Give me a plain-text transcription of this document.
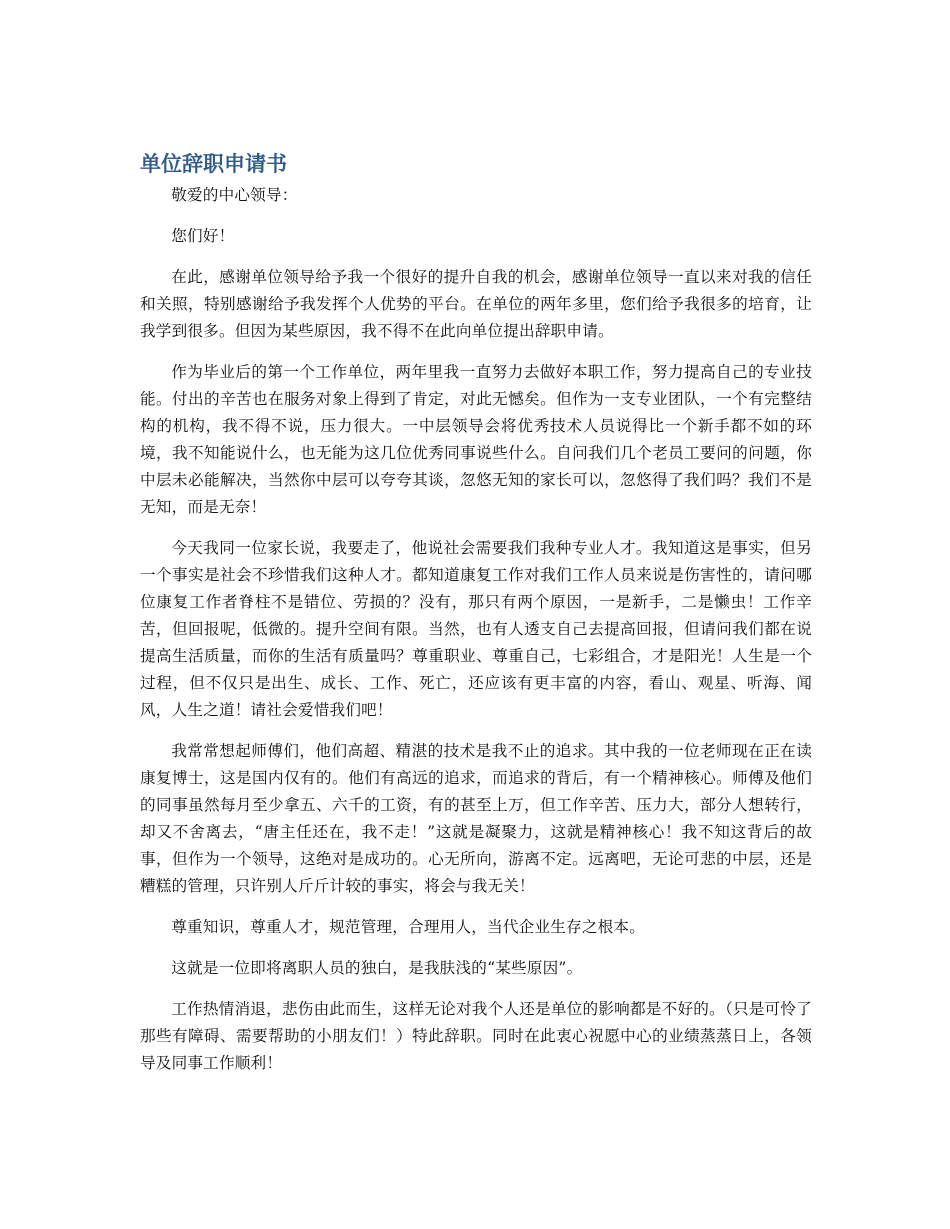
单位辞职申请书

敬爱的中心领导：

您们好！

在此，感谢单位领导给予我一个很好的提升自我的机会，感谢单位领导一直以来对我的信任和关照，特别感谢给予我发挥个人优势的平台。在单位的两年多里，您们给予我很多的培育，让我学到很多。但因为某些原因，我不得不在此向单位提出辞职申请。

作为毕业后的第一个工作单位，两年里我一直努力去做好本职工作，努力提高自己的专业技能。付出的辛苦也在服务对象上得到了肯定，对此无憾矣。但作为一支专业团队，一个有完整结构的机构，我不得不说，压力很大。一中层领导会将优秀技术人员说得比一个新手都不如的环境，我不知能说什么，也无能为这几位优秀同事说些什么。自问我们几个老员工要问的问题，你中层未必能解决，当然你中层可以夸夸其谈，忽悠无知的家长可以，忽悠得了我们吗？我们不是无知，而是无奈！

今天我同一位家长说，我要走了，他说社会需要我们我种专业人才。我知道这是事实，但另一个事实是社会不珍惜我们这种人才。都知道康复工作对我们工作人员来说是伤害性的，请问哪位康复工作者脊柱不是错位、劳损的？没有，那只有两个原因，一是新手，二是懒虫！工作辛苦，但回报呢，低微的。提升空间有限。当然，也有人透支自己去提高回报，但请问我们都在说提高生活质量，而你的生活有质量吗？尊重职业、尊重自己，七彩组合，才是阳光！人生是一个过程，但不仅只是出生、成长、工作、死亡，还应该有更丰富的内容，看山、观星、听海、闻风，人生之道！请社会爱惜我们吧！

我常常想起师傅们，他们高超、精湛的技术是我不止的追求。其中我的一位老师现在正在读康复博士，这是国内仅有的。他们有高远的追求，而追求的背后，有一个精神核心。师傅及他们的同事虽然每月至少拿五、六千的工资，有的甚至上万，但工作辛苦、压力大，部分人想转行，却又不舍离去，“唐主任还在，我不走！”这就是凝聚力，这就是精神核心！我不知这背后的故事，但作为一个领导，这绝对是成功的。心无所向，游离不定。远离吧，无论可悲的中层，还是糟糕的管理，只许别人斤斤计较的事实，将会与我无关！

尊重知识，尊重人才，规范管理，合理用人，当代企业生存之根本。

这就是一位即将离职人员的独白，是我肤浅的“某些原因”。

工作热情消退，悲伤由此而生，这样无论对我个人还是单位的影响都是不好的。（只是可怜了那些有障碍、需要帮助的小朋友们！）特此辞职。同时在此衷心祝愿中心的业绩蒸蒸日上，各领导及同事工作顺利！
